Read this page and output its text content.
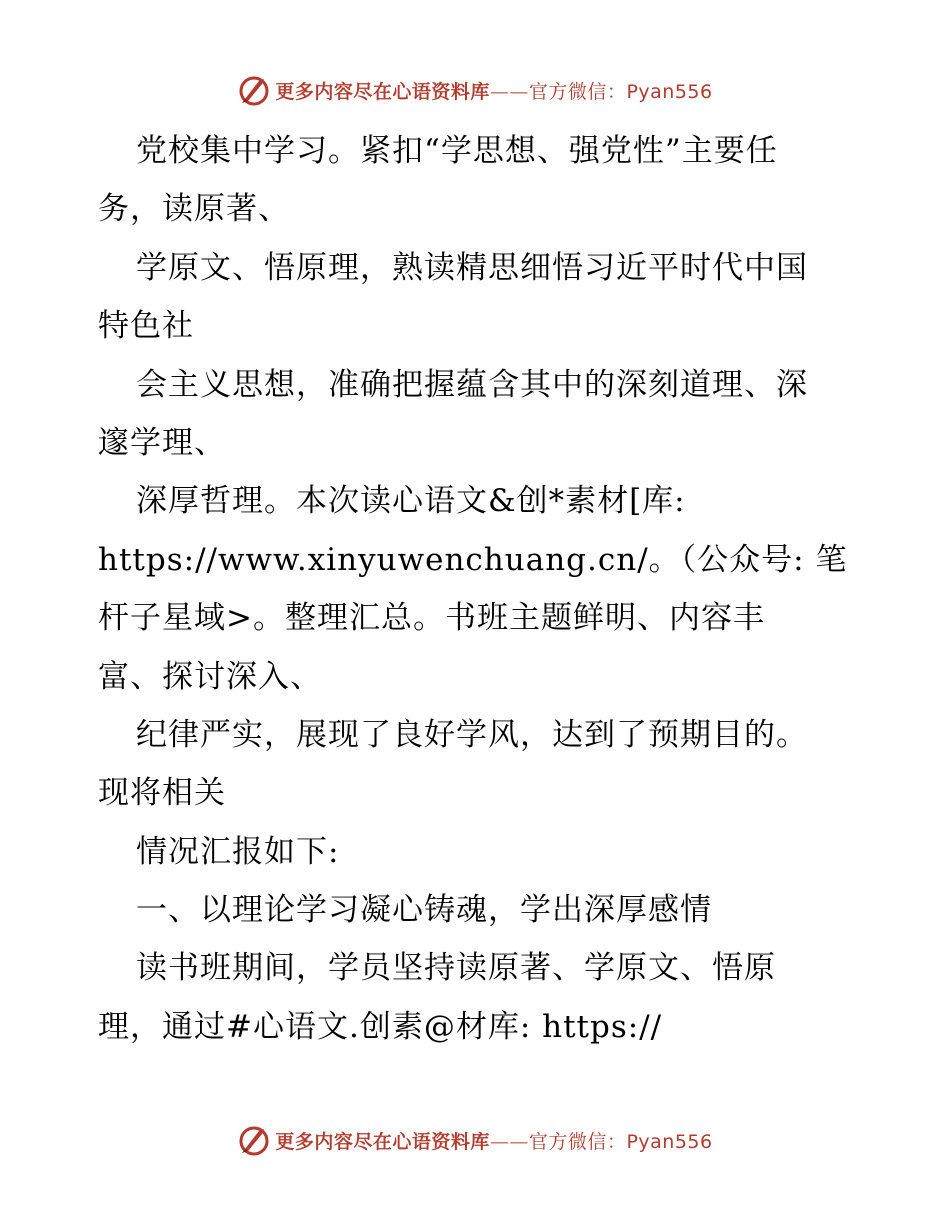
更多内容尽在心语资料库——官方微信：Pyan556
党校集中学习。紧扣“学思想、强党性”主要任
务，读原著、
学原文、悟原理，熟读精思细悟习近平时代中国
特色社
会主义思想，准确把握蕴含其中的深刻道理、深
邃学理、
深厚哲理。本次读心语文&创*素材[库:
https://www.xinyuwenchuang.cn/。（公众号: 笔
杆子星域>。整理汇总。书班主题鲜明、内容丰
富、探讨深入、
纪律严实，展现了良好学风，达到了预期目的。
现将相关
情况汇报如下:
一、以理论学习凝心铸魂，学出深厚感情
读书班期间，学员坚持读原著、学原文、悟原
理，通过#心语文.创素@材库: https://
更多内容尽在心语资料库——官方微信：Pyan556
